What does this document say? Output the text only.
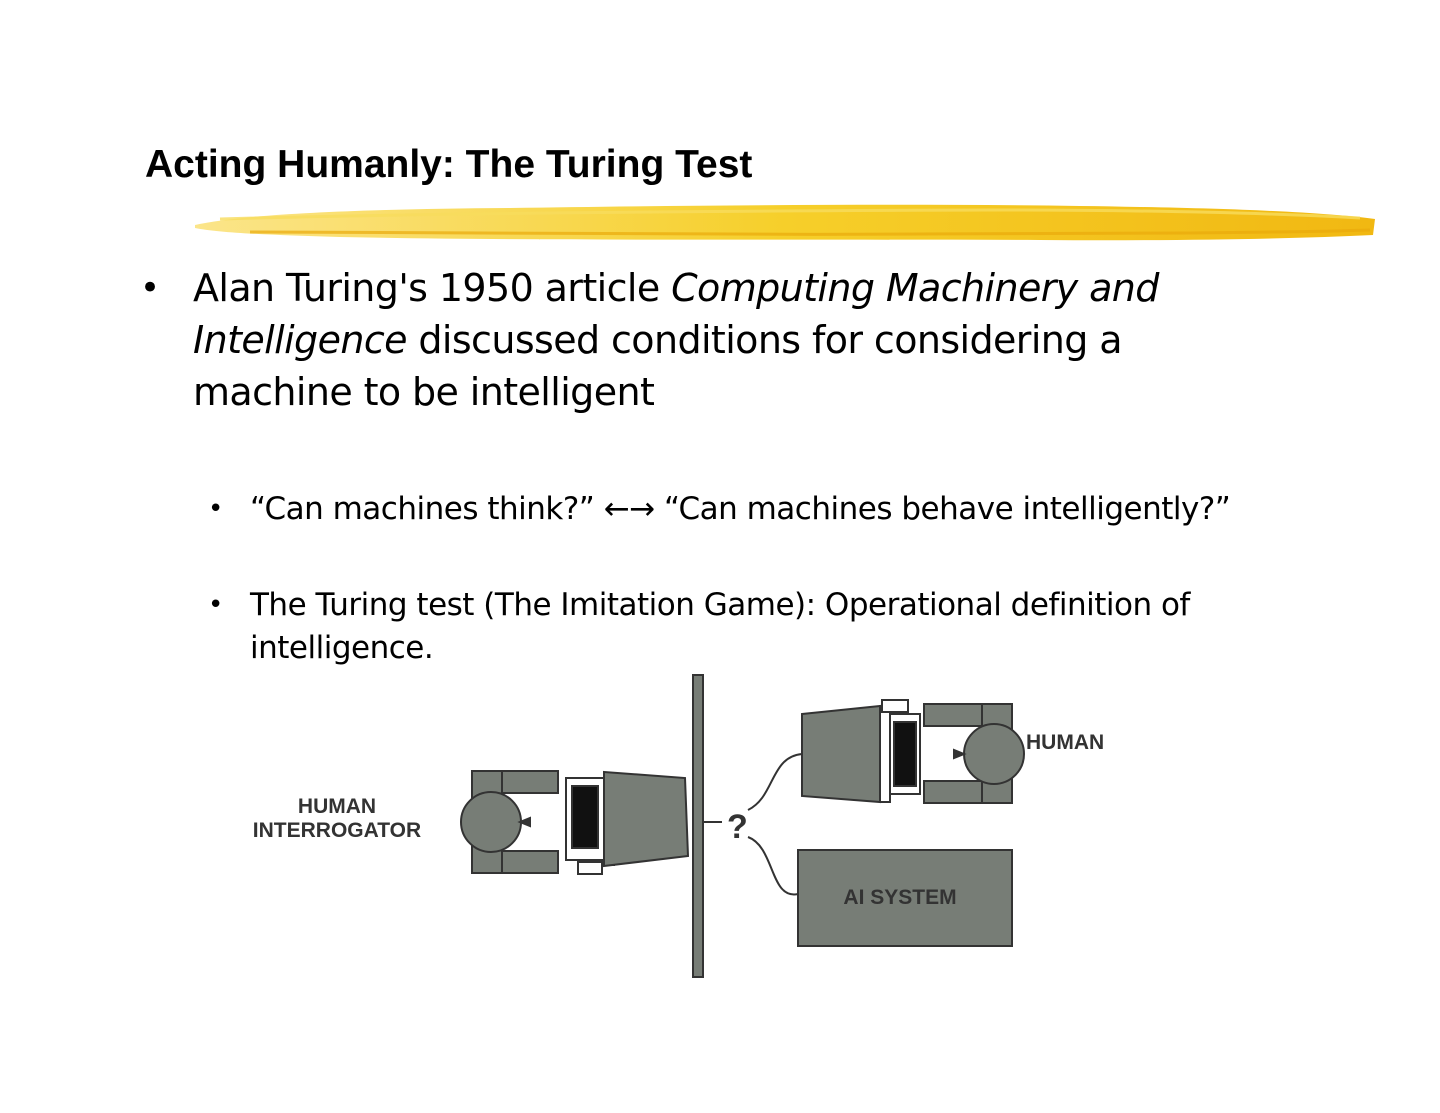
Acting Humanly: The Turing Test
• Alan Turing's 1950 article Computing Machinery and Intelligence discussed conditions for considering a machine to be intelligent
• “Can machines think?” ←→ “Can machines behave intelligently?”
• The Turing test (The Imitation Game): Operational definition of intelligence.
HUMAN
INTERROGATOR	?
HUMAN
AI SYSTEM
